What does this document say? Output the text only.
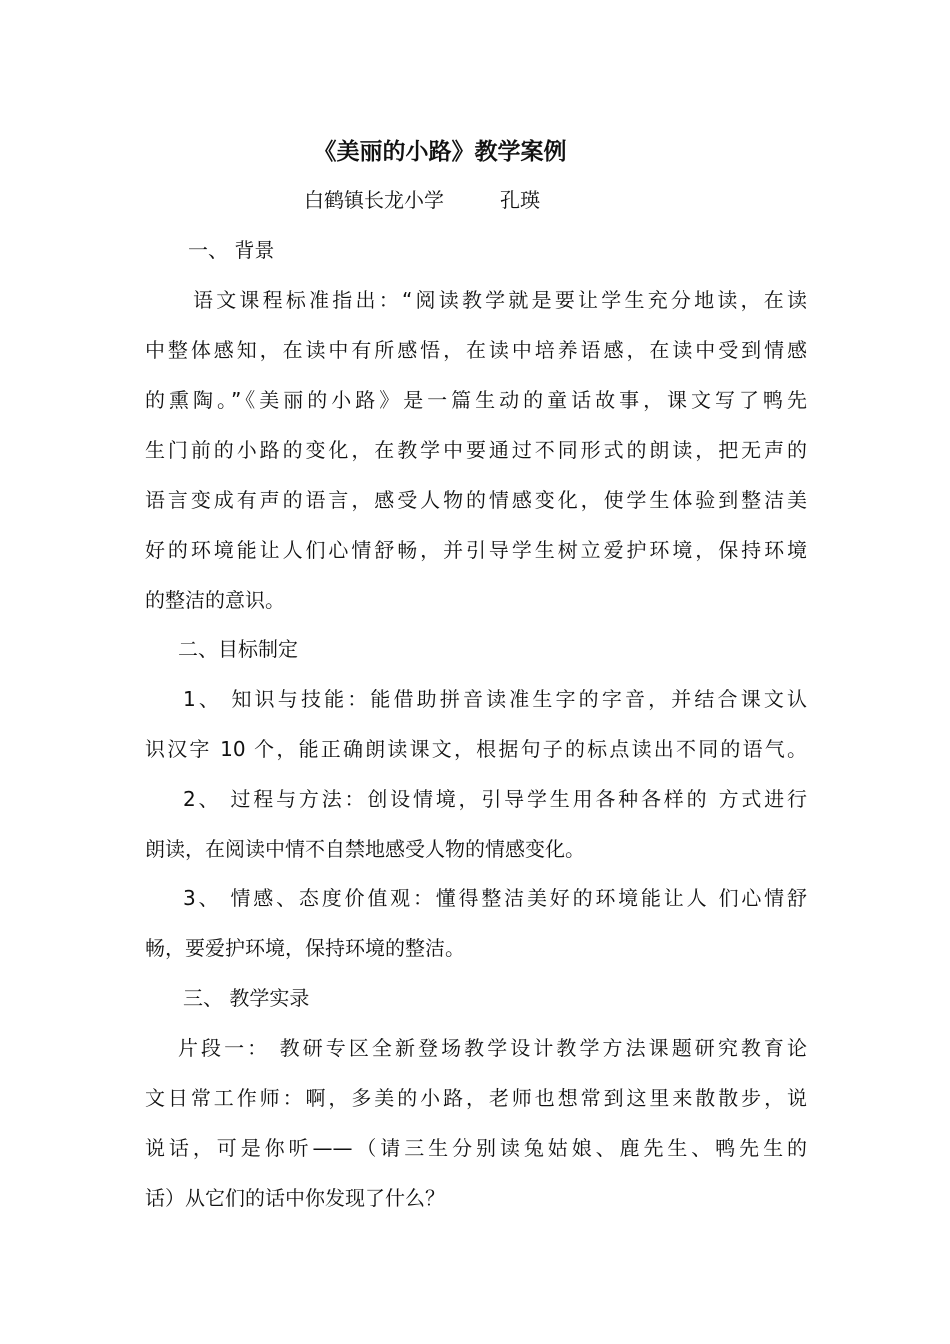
《美丽的小路》教学案例
白鹤镇长龙小学	孔瑛
一、 背景
语文课程标准指出：“阅读教学就是要让学生充分地读，在读
中整体感知，在读中有所感悟，在读中培养语感，在读中受到情感
的熏陶。”《美丽的小路》是一篇生动的童话故事，课文写了鸭先
生门前的小路的变化，在教学中要通过不同形式的朗读，把无声的
语言变成有声的语言，感受人物的情感变化，使学生体验到整洁美
好的环境能让人们心情舒畅，并引导学生树立爱护环境，保持环境
的整洁的意识。
二、目标制定
1、 知识与技能：能借助拼音读准生字的字音，并结合课文认
识汉字 10 个，能正确朗读课文，根据句子的标点读出不同的语气。
2、 过程与方法：创设情境，引导学生用各种各样的 方式进行
朗读，在阅读中情不自禁地感受人物的情感变化。
3、 情感、态度价值观：懂得整洁美好的环境能让人 们心情舒
畅，要爱护环境，保持环境的整洁。
三、 教学实录
片段一： 教研专区全新登场教学设计教学方法课题研究教育论
文日常工作师：啊，多美的小路，老师也想常到这里来散散步，说
说话，可是你听——（请三生分别读兔姑娘、鹿先生、鸭先生的
话）从它们的话中你发现了什么？
